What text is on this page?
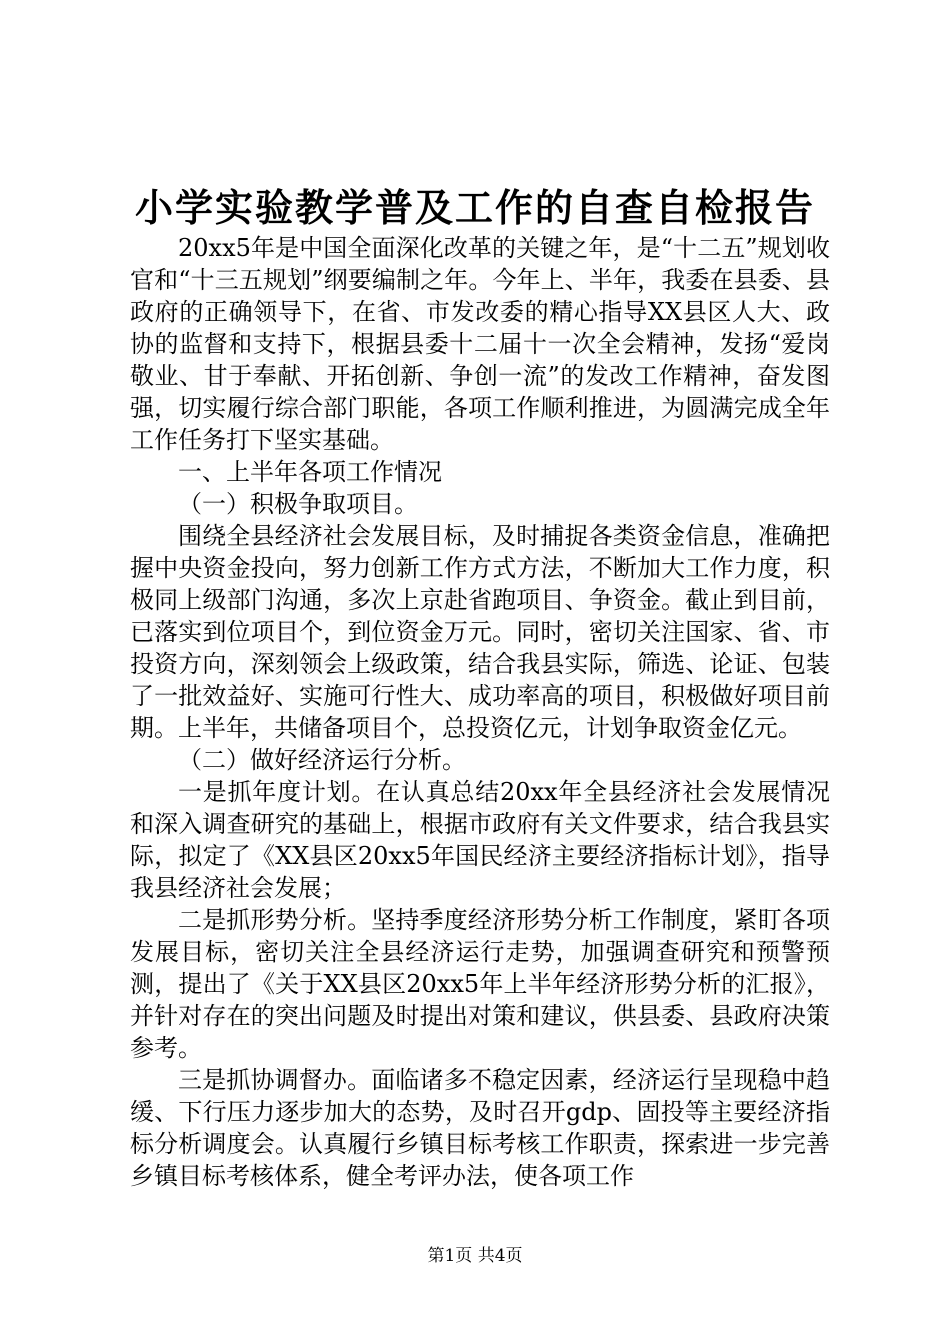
小学实验教学普及工作的自查自检报告

20xx5年是中国全面深化改革的关键之年，是“十二五”规划收官和“十三五规划”纲要编制之年。今年上、半年，我委在县委、县政府的正确领导下，在省、市发改委的精心指导XX县区人大、政协的监督和支持下，根据县委十二届十一次全会精神，发扬“爱岗敬业、甘于奉献、开拓创新、争创一流”的发改工作精神，奋发图强，切实履行综合部门职能，各项工作顺利推进，为圆满完成全年工作任务打下坚实基础。

一、上半年各项工作情况

（一）积极争取项目。

围绕全县经济社会发展目标，及时捕捉各类资金信息，准确把握中央资金投向，努力创新工作方式方法，不断加大工作力度，积极同上级部门沟通，多次上京赴省跑项目、争资金。截止到目前，已落实到位项目个，到位资金万元。同时，密切关注国家、省、市投资方向，深刻领会上级政策，结合我县实际，筛选、论证、包装了一批效益好、实施可行性大、成功率高的项目，积极做好项目前期。上半年，共储备项目个，总投资亿元，计划争取资金亿元。

（二）做好经济运行分析。

一是抓年度计划。在认真总结20xx年全县经济社会发展情况和深入调查研究的基础上，根据市政府有关文件要求，结合我县实际，拟定了《XX县区20xx5年国民经济主要经济指标计划》，指导我县经济社会发展；

二是抓形势分析。坚持季度经济形势分析工作制度，紧盯各项发展目标，密切关注全县经济运行走势，加强调查研究和预警预测，提出了《关于XX县区20xx5年上半年经济形势分析的汇报》，并针对存在的突出问题及时提出对策和建议，供县委、县政府决策参考。

三是抓协调督办。面临诸多不稳定因素，经济运行呈现稳中趋缓、下行压力逐步加大的态势，及时召开gdp、固投等主要经济指标分析调度会。认真履行乡镇目标考核工作职责，探索进一步完善乡镇目标考核体系，健全考评办法，使各项工作

第1页 共4页
